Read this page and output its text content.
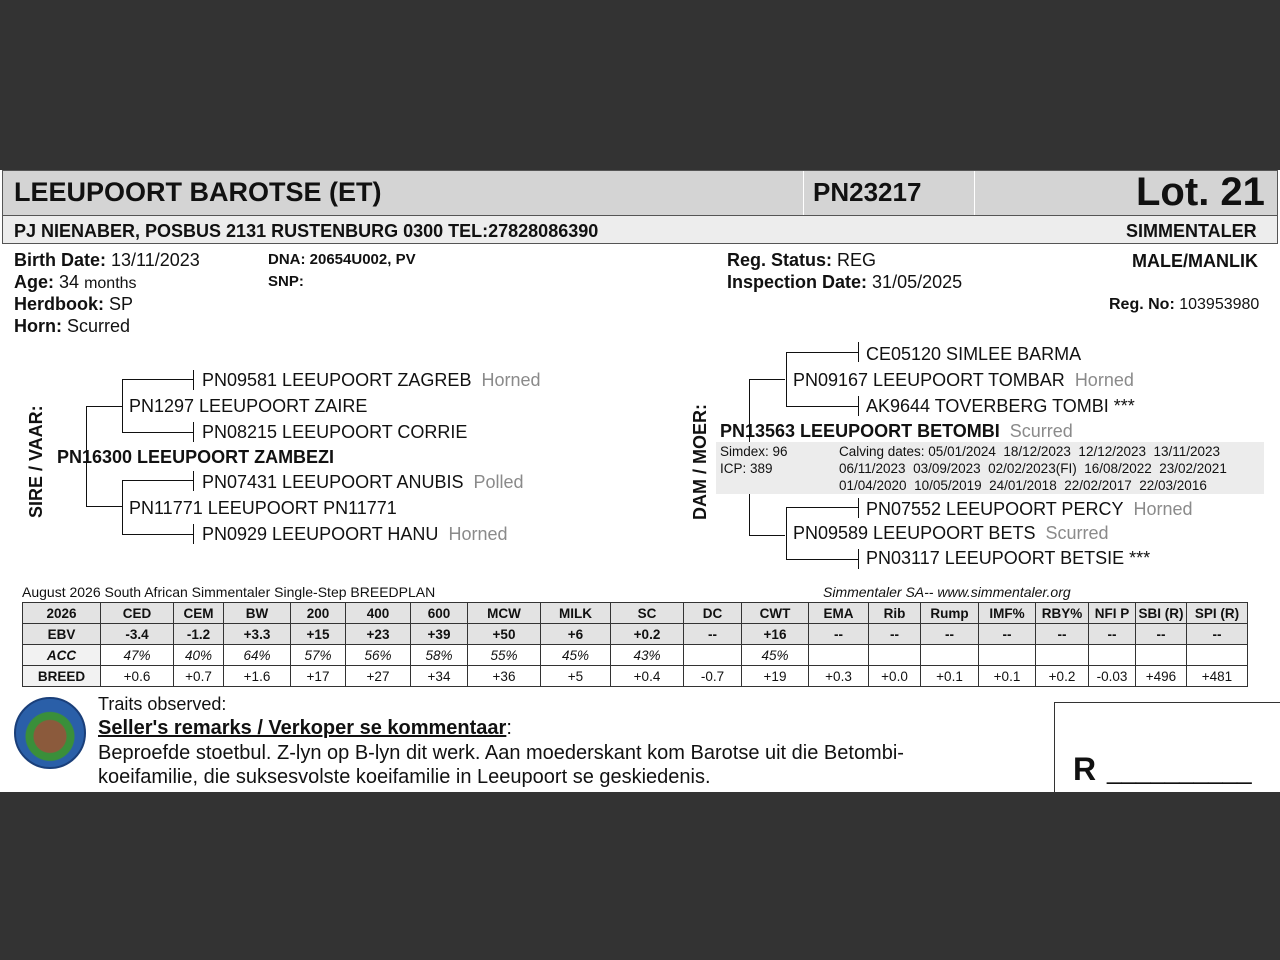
LEEUPOORT BAROTSE (ET)	PN23217	Lot. 21
PJ NIENABER, POSBUS 2131 RUSTENBURG 0300 TEL:27828086390	SIMMENTALER
Birth Date: 13/11/2023
Age: 34 months
Herdbook: SP
Horn: Scurred
DNA: 20654U002, PV
SNP:
Reg. Status: REG
Inspection Date: 31/05/2025
MALE/MANLIK
Reg. No: 103953980
SIRE / VAAR:
PN09581 LEEUPOORT ZAGREB Horned
PN1297 LEEUPOORT ZAIRE
PN08215 LEEUPOORT CORRIE
PN16300 LEEUPOORT ZAMBEZI
PN07431 LEEUPOORT ANUBIS Polled
PN11771 LEEUPOORT PN11771
PN0929 LEEUPOORT HANU Horned
DAM / MOER:
CE05120 SIMLEE BARMA
PN09167 LEEUPOORT TOMBAR Horned
AK9644 TOVERBERG TOMBI ***
PN13563 LEEUPOORT BETOMBI Scurred
Simdex: 96
ICP: 389
Calving dates: 05/01/2024  18/12/2023  12/12/2023  13/11/2023
06/11/2023  03/09/2023  02/02/2023(FI)  16/08/2022  23/02/2021
01/04/2020  10/05/2019  24/01/2018  22/02/2017  22/03/2016
PN07552 LEEUPOORT PERCY Horned
PN09589 LEEUPOORT BETS Scurred
PN03117 LEEUPOORT BETSIE ***
August 2026 South African Simmentaler Single-Step BREEDPLAN	Simmentaler SA-- www.simmentaler.org
2026	CED	CEM	BW	200	400	600	MCW	MILK	SC	DC	CWT	EMA	Rib	Rump	IMF%	RBY%	NFI P	SBI (R)	SPI (R)
EBV	-3.4	-1.2	+3.3	+15	+23	+39	+50	+6	+0.2	--	+16	--	--	--	--	--	--	--	--
ACC	47%	40%	64%	57%	56%	58%	55%	45%	43%		45%								
BREED	+0.6	+0.7	+1.6	+17	+27	+34	+36	+5	+0.4	-0.7	+19	+0.3	+0.0	+0.1	+0.1	+0.2	-0.03	+496	+481
Traits observed:
Seller's remarks / Verkoper se kommentaar:
Beproefde stoetbul. Z-lyn op B-lyn dit werk. Aan moederskant kom Barotse uit die Betombi-
koeifamilie, die suksesvolste koeifamilie in Leeupoort se geskiedenis.	R __________
